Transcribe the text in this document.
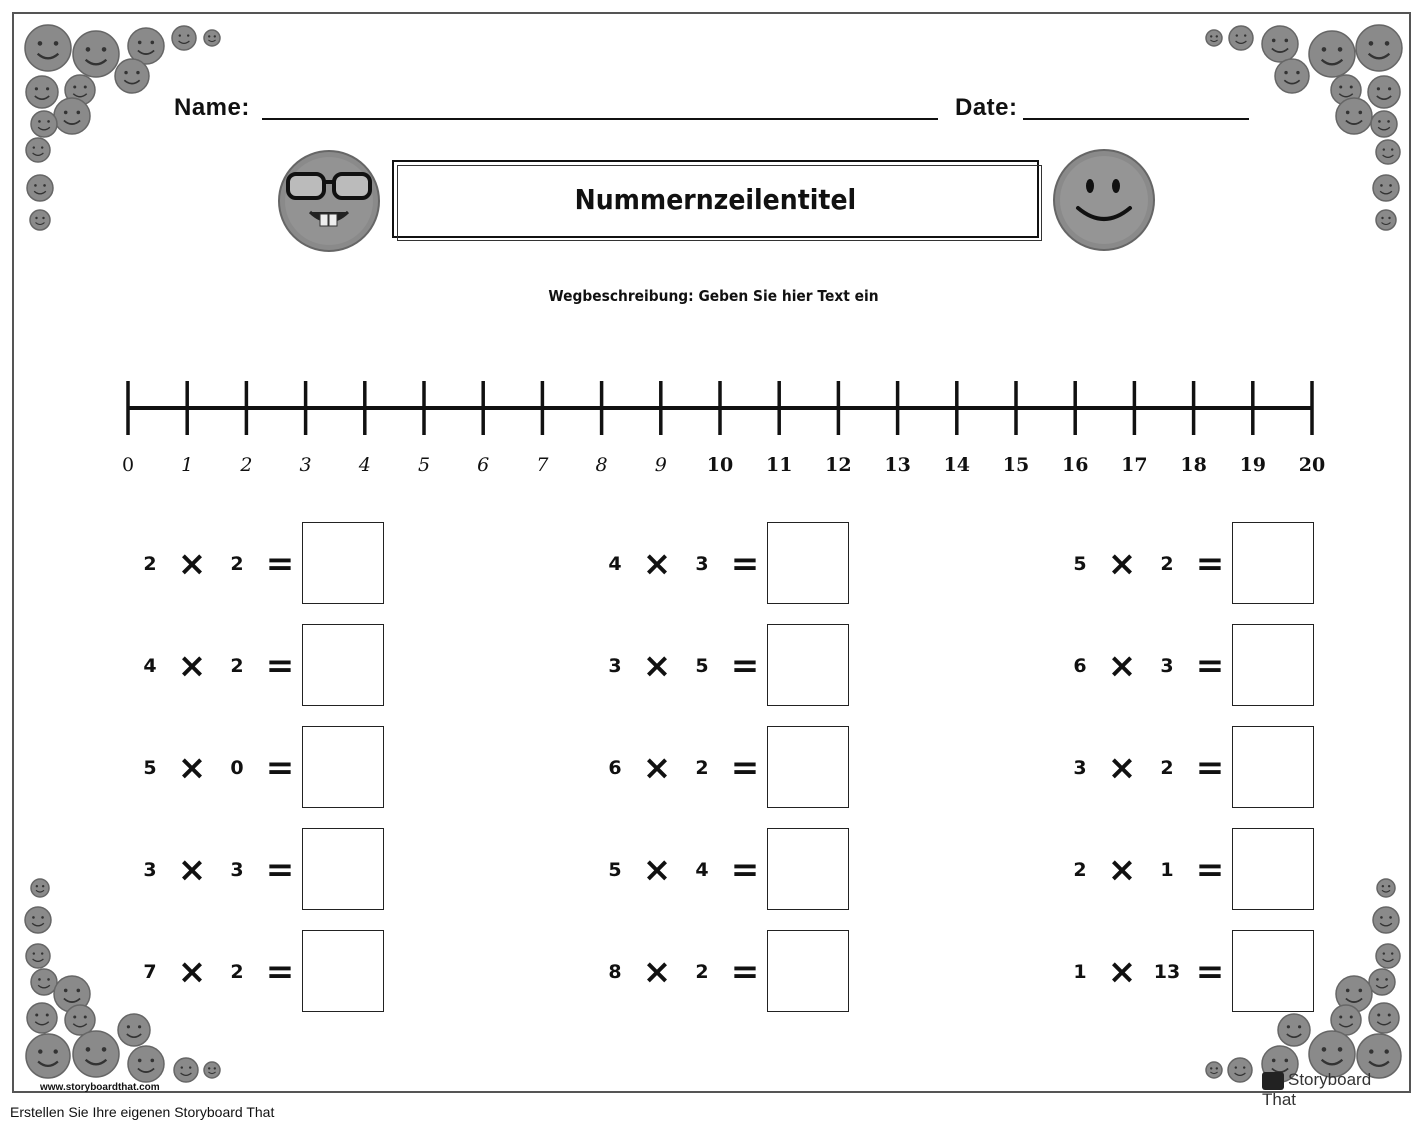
Name:	Date:
Nummernzeilentitel
Wegbeschreibung: Geben Sie hier Text ein
0 1 2 3 4 5 6 7 8 9 10 11 12 13 14 15 16 17 18 19 20
2 ×	2 =
4 ×	2 =
5 ×	0 =
3 ×	3 =
7 ×	2 =
4 ×	3 =
3 ×	5 =
6 ×	2 =
5 ×	4 =
8 ×	2 =
5 ×	2 =
6 ×	3 =
3 ×	2 =
2 ×	1 =
1 × 13 =
www.storyboardthat.com	Storyboard That
Erstellen Sie Ihre eigenen Storyboard That
